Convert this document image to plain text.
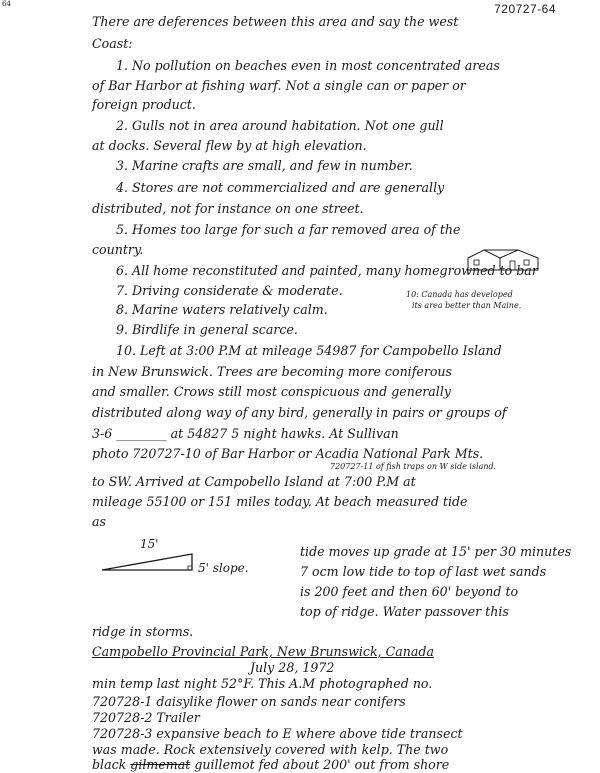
64	720727-64
There are deferences between this area and say the west
Coast:
1. No pollution on beaches even in most concentrated areas
of Bar Harbor at fishing warf. Not a single can or paper or
foreign product.
2. Gulls not in area around habitation. Not one gull
at docks. Several flew by at high elevation.
3. Marine crafts are small, and few in number.
4. Stores are not commercialized and are generally
distributed, not for instance on one street.
5. Homes too large for such a far removed area of the
country.
6. All home reconstituted and painted, many homegrowned to bar
7. Driving considerate & moderate.
8. Marine waters relatively calm.
9. Birdlife in general scarce.
10: Canada has developed
its area better than Maine.
10. Left at 3:00 P.M at mileage 54987 for Campobello Island
in New Brunswick. Trees are becoming more coniferous
and smaller. Crows still most conspicuous and generally
distributed along way of any bird, generally in pairs or groups of
3-6 ________ at 54827 5 night hawks. At Sullivan
photo 720727-10 of Bar Harbor or Acadia National Park Mts.
720727-11 of fish traps on W side island.
to SW. Arrived at Campobello Island at 7:00 P.M at
mileage 55100 or 151 miles today. At beach measured tide
as
15'
5' slope.
tide moves up grade at 15' per 30 minutes
7 ocm low tide to top of last wet sands
is 200 feet and then 60' beyond to
top of ridge. Water passover this
ridge in storms.
Campobello Provincial Park, New Brunswick, Canada
July 28, 1972
min temp last night 52°F. This A.M photographed no.
720728-1 daisylike flower on sands near conifers
720728-2 Trailer
720728-3 expansive beach to E where above tide transect
was made. Rock extensively covered with kelp. The two
black gilmemat guillemot fed about 200' out from shore
